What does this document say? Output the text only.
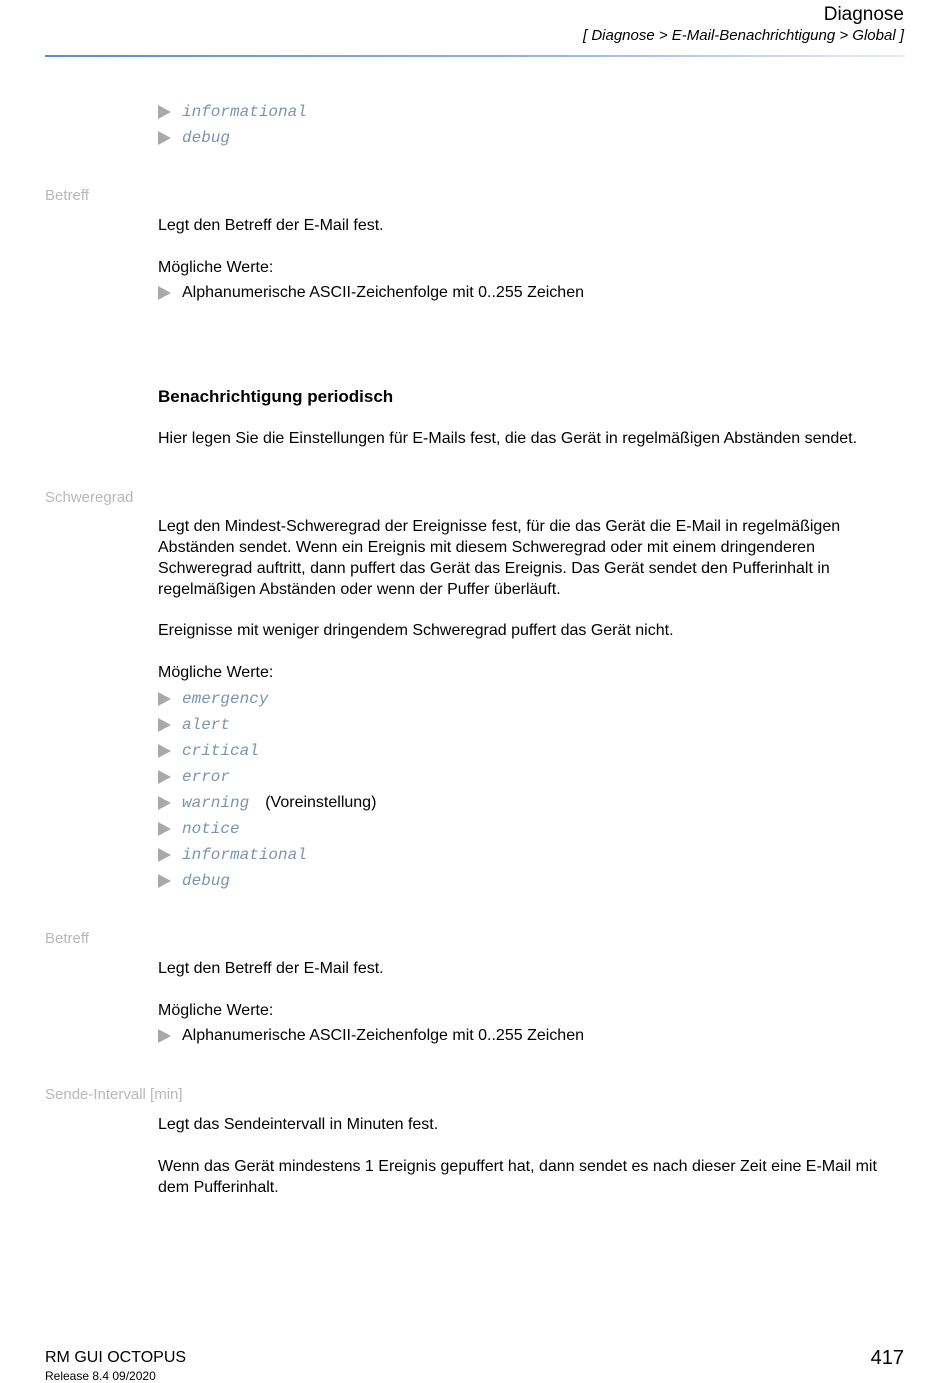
Diagnose
[ Diagnose > E-Mail-Benachrichtigung > Global ]
informational
debug
Betreff
Legt den Betreff der E-Mail fest.
Mögliche Werte:
Alphanumerische ASCII-Zeichenfolge mit 0..255 Zeichen
Benachrichtigung periodisch
Hier legen Sie die Einstellungen für E-Mails fest, die das Gerät in regelmäßigen Abständen sendet.
Schweregrad
Legt den Mindest-Schweregrad der Ereignisse fest, für die das Gerät die E-Mail in regelmäßigen Abständen sendet. Wenn ein Ereignis mit diesem Schweregrad oder mit einem dringenderen Schweregrad auftritt, dann puffert das Gerät das Ereignis. Das Gerät sendet den Pufferinhalt in regelmäßigen Abständen oder wenn der Puffer überläuft.
Ereignisse mit weniger dringendem Schweregrad puffert das Gerät nicht.
Mögliche Werte:
emergency
alert
critical
error
warning (Voreinstellung)
notice
informational
debug
Betreff
Legt den Betreff der E-Mail fest.
Mögliche Werte:
Alphanumerische ASCII-Zeichenfolge mit 0..255 Zeichen
Sende-Intervall [min]
Legt das Sendeintervall in Minuten fest.
Wenn das Gerät mindestens 1 Ereignis gepuffert hat, dann sendet es nach dieser Zeit eine E-Mail mit dem Pufferinhalt.
RM GUI OCTOPUS
Release 8.4 09/2020
417
